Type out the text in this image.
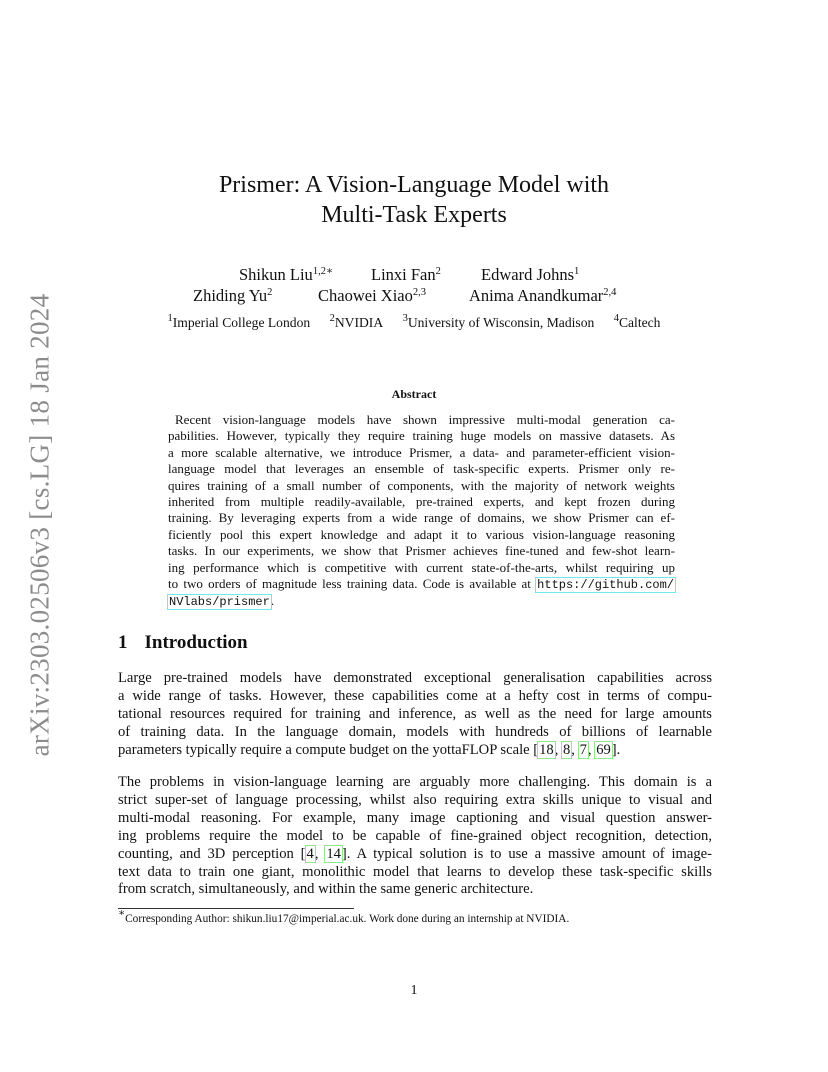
arXiv:2303.02506v3 [cs.LG] 18 Jan 2024
Prismer: A Vision-Language Model with
Multi-Task Experts
Shikun Liu$^{1,2∗}$ Linxi Fan$^2$ Edward Johns$^1$
Zhiding Yu$^2$	Chaowei Xiao$^{2,3}$	Anima Anandkumar$^{2,4}$
$^1$Imperial College London $^2$NVIDIA $^3$University of Wisconsin, Madison $^4$Caltech
Abstract
Recent vision-language models have shown impressive multi-modal generation ca-
pabilities. However, typically they require training huge models on massive datasets. As
a more scalable alternative, we introduce Prismer, a data- and parameter-efficient vision-
language model that leverages an ensemble of task-specific experts. Prismer only re-
quires training of a small number of components, with the majority of network weights
inherited from multiple readily-available, pre-trained experts, and kept frozen during
training. By leveraging experts from a wide range of domains, we show Prismer can ef-
ficiently pool this expert knowledge and adapt it to various vision-language reasoning
tasks. In our experiments, we show that Prismer achieves fine-tuned and few-shot learn-
ing performance which is competitive with current state-of-the-arts, whilst requiring up
to two orders of magnitude less training data. Code is available at https://github.com/
NVlabs/prismer.
1 Introduction
Large pre-trained models have demonstrated exceptional generalisation capabilities across
a wide range of tasks. However, these capabilities come at a hefty cost in terms of compu-
tational resources required for training and inference, as well as the need for large amounts
of training data. In the language domain, models with hundreds of billions of learnable
parameters typically require a compute budget on the yottaFLOP scale [18, 8, 7, 69].
The problems in vision-language learning are arguably more challenging. This domain is a
strict super-set of language processing, whilst also requiring extra skills unique to visual and
multi-modal reasoning. For example, many image captioning and visual question answer-
ing problems require the model to be capable of fine-grained object recognition, detection,
counting, and 3D perception [4, 14]. A typical solution is to use a massive amount of image-
text data to train one giant, monolithic model that learns to develop these task-specific skills
from scratch, simultaneously, and within the same generic architecture.
∗Corresponding Author: shikun.liu17@imperial.ac.uk. Work done during an internship at NVIDIA.
1
